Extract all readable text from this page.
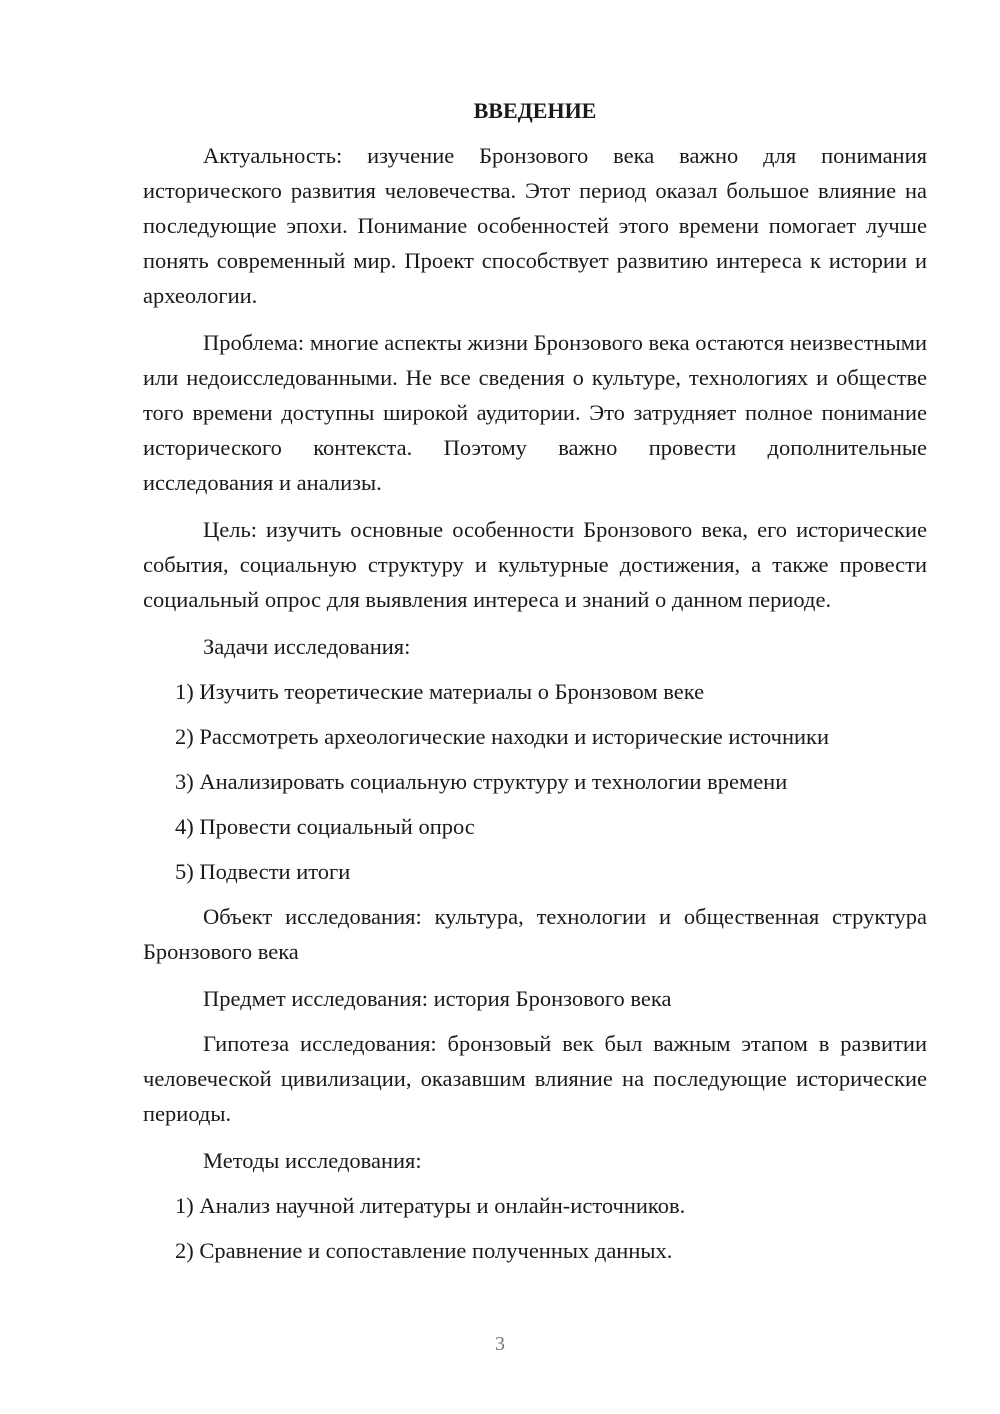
ВВЕДЕНИЕ
Актуальность: изучение Бронзового века важно для понимания исторического развития человечества. Этот период оказал большое влияние на последующие эпохи. Понимание особенностей этого времени помогает лучше понять современный мир. Проект способствует развитию интереса к истории и археологии.
Проблема: многие аспекты жизни Бронзового века остаются неизвестными или недоисследованными. Не все сведения о культуре, технологиях и обществе того времени доступны широкой аудитории. Это затрудняет полное понимание исторического контекста. Поэтому важно провести дополнительные исследования и анализы.
Цель: изучить основные особенности Бронзового века, его исторические события, социальную структуру и культурные достижения, а также провести социальный опрос для выявления интереса и знаний о данном периоде.
Задачи исследования:
1) Изучить теоретические материалы о Бронзовом веке
2) Рассмотреть археологические находки и исторические источники
3) Анализировать социальную структуру и технологии времени
4) Провести социальный опрос
5) Подвести итоги
Объект исследования: культура, технологии и общественная структура Бронзового века
Предмет исследования: история Бронзового века
Гипотеза исследования: бронзовый век был важным этапом в развитии человеческой цивилизации, оказавшим влияние на последующие исторические периоды.
Методы исследования:
1) Анализ научной литературы и онлайн-источников.
2) Сравнение и сопоставление полученных данных.
3
